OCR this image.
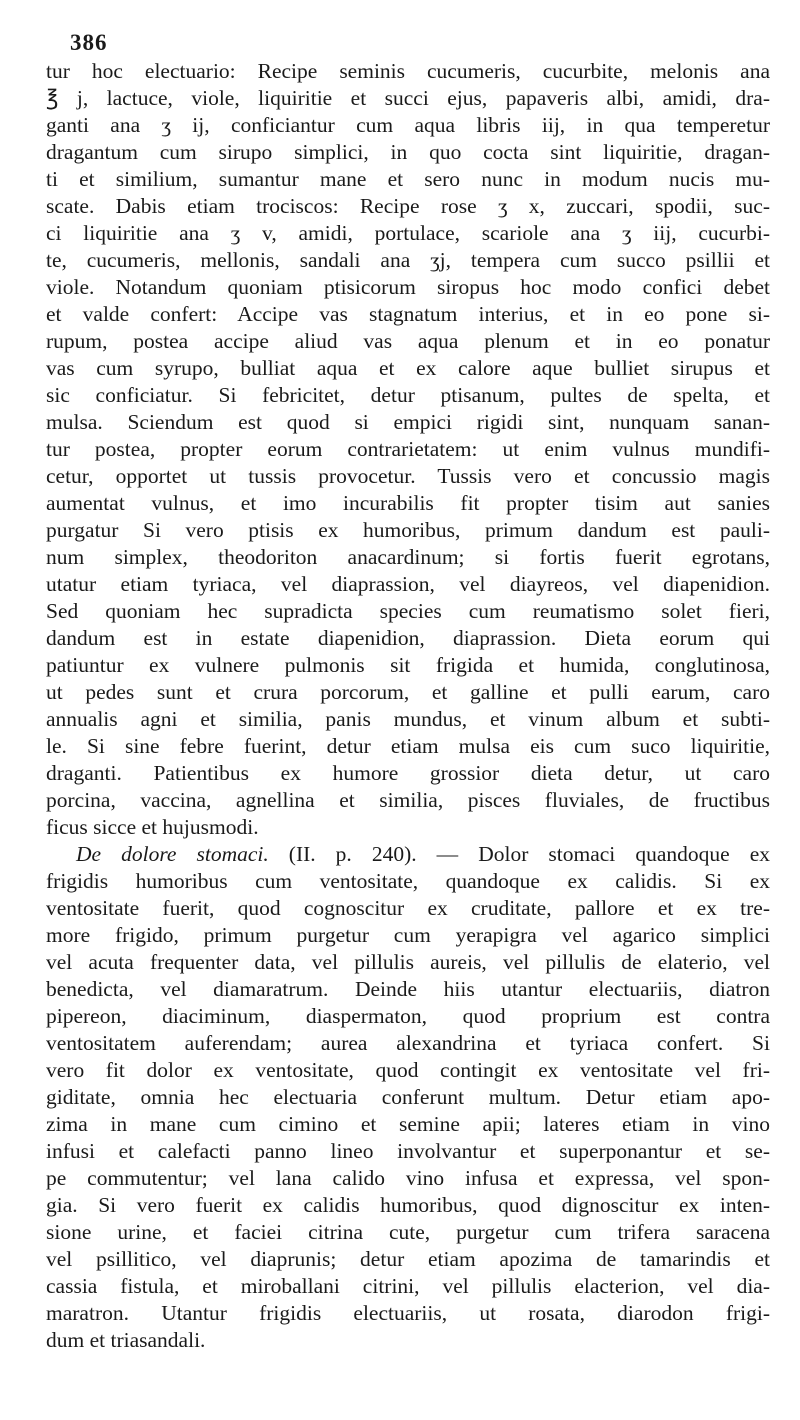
386
tur hoc electuario: Recipe seminis cucumeris, cucurbite, melonis ana
℥ j, lactuce, viole, liquiritie et succi ejus, papaveris albi, amidi, dra-
ganti ana ʒ ij, conficiantur cum aqua libris iij, in qua temperetur
dragantum cum sirupo simplici, in quo cocta sint liquiritie, dragan-
ti et similium, sumantur mane et sero nunc in modum nucis mu-
scate. Dabis etiam trociscos: Recipe rose ʒ x, zuccari, spodii, suc-
ci liquiritie ana ʒ v, amidi, portulace, scariole ana ʒ iij, cucurbi-
te, cucumeris, mellonis, sandali ana ʒj, tempera cum succo psillii et
viole. Notandum quoniam ptisicorum siropus hoc modo confici debet
et valde confert: Accipe vas stagnatum interius, et in eo pone si-
rupum, postea accipe aliud vas aqua plenum et in eo ponatur
vas cum syrupo, bulliat aqua et ex calore aque bulliet sirupus et
sic conficiatur. Si febricitet, detur ptisanum, pultes de spelta, et
mulsa. Sciendum est quod si empici rigidi sint, nunquam sanan-
tur postea, propter eorum contrarietatem: ut enim vulnus mundifi-
cetur, opportet ut tussis provocetur. Tussis vero et concussio magis
aumentat vulnus, et imo incurabilis fit propter tisim aut sanies
purgatur Si vero ptisis ex humoribus, primum dandum est pauli-
num simplex, theodoriton anacardinum; si fortis fuerit egrotans,
utatur etiam tyriaca, vel diaprassion, vel diayreos, vel diapenidion.
Sed quoniam hec supradicta species cum reumatismo solet fieri,
dandum est in estate diapenidion, diaprassion. Dieta eorum qui
patiuntur ex vulnere pulmonis sit frigida et humida, conglutinosa,
ut pedes sunt et crura porcorum, et galline et pulli earum, caro
annualis agni et similia, panis mundus, et vinum album et subti-
le. Si sine febre fuerint, detur etiam mulsa eis cum suco liquiritie,
draganti. Patientibus ex humore grossior dieta detur, ut caro
porcina, vaccina, agnellina et similia, pisces fluviales, de fructibus
ficus sicce et hujusmodi.
De dolore stomaci. (II. p. 240). — Dolor stomaci quandoque ex
frigidis humoribus cum ventositate, quandoque ex calidis. Si ex
ventositate fuerit, quod cognoscitur ex cruditate, pallore et ex tre-
more frigido, primum purgetur cum yerapigra vel agarico simplici
vel acuta frequenter data, vel pillulis aureis, vel pillulis de elaterio, vel
benedicta, vel diamaratrum. Deinde hiis utantur electuariis, diatron
pipereon, diaciminum, diaspermaton, quod proprium est contra
ventositatem auferendam; aurea alexandrina et tyriaca confert. Si
vero fit dolor ex ventositate, quod contingit ex ventositate vel fri-
giditate, omnia hec electuaria conferunt multum. Detur etiam apo-
zima in mane cum cimino et semine apii; lateres etiam in vino
infusi et calefacti panno lineo involvantur et superponantur et se-
pe commutentur; vel lana calido vino infusa et expressa, vel spon-
gia. Si vero fuerit ex calidis humoribus, quod dignoscitur ex inten-
sione urine, et faciei citrina cute, purgetur cum trifera saracena
vel psillitico, vel diaprunis; detur etiam apozima de tamarindis et
cassia fistula, et miroballani citrini, vel pillulis elacterion, vel dia-
maratron. Utantur frigidis electuariis, ut rosata, diarodon frigi-
dum et triasandali.
